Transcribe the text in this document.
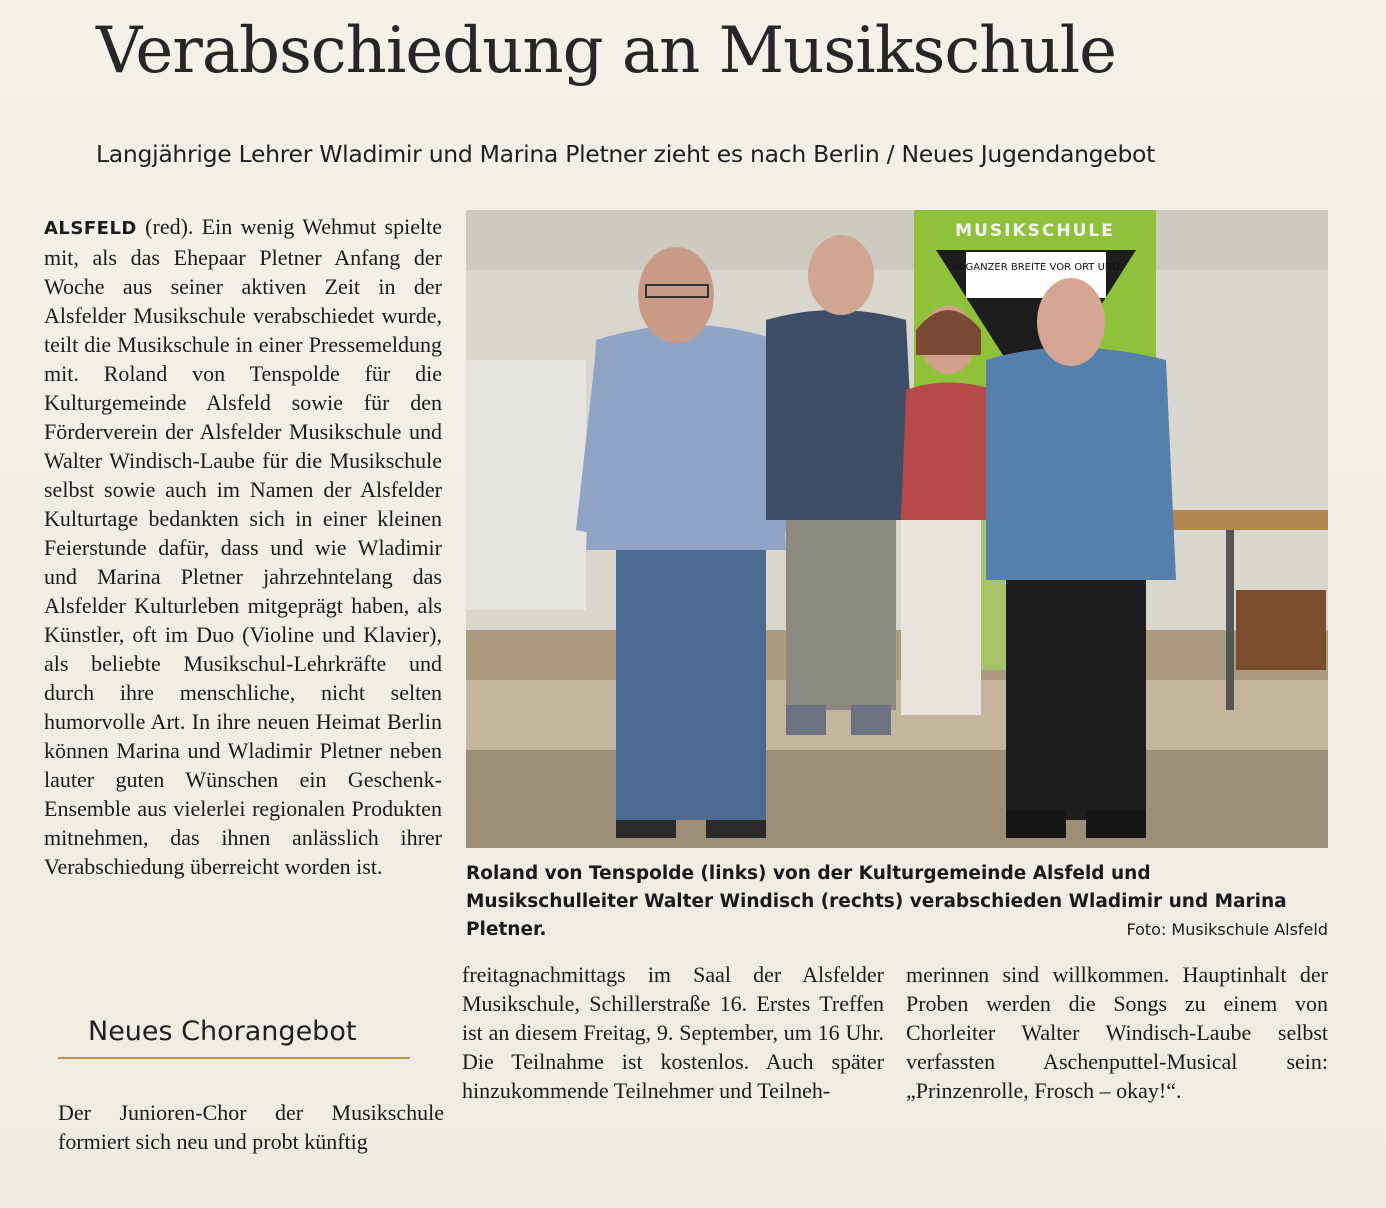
Verabschiedung an Musikschule
Langjährige Lehrer Wladimir und Marina Pletner zieht es nach Berlin / Neues Jugendangebot

ALSFELD (red). Ein wenig Wehmut spielte mit, als das Ehepaar Pletner Anfang der Woche aus seiner aktiven Zeit in der Alsfelder Musikschule verabschiedet wurde, teilt die Musikschule in einer Pressemeldung mit. Roland von Tenspolde für die Kulturgemeinde Alsfeld sowie für den Förderverein der Alsfelder Musikschule und Walter Windisch-Laube für die Musikschule selbst sowie auch im Namen der Alsfelder Kulturtage bedankten sich in einer kleinen Feierstunde dafür, dass und wie Wladimir und Marina Pletner jahrzehntelang das Alsfelder Kulturleben mitgeprägt haben, als Künstler, oft im Duo (Violine und Klavier), als beliebte Musikschul-Lehrkräfte und durch ihre menschliche, nicht selten humorvolle Art. In ihre neuen Heimat Berlin können Marina und Wladimir Pletner neben lauter guten Wünschen ein Geschenk-Ensemble aus vielerlei regionalen Produkten mitnehmen, das ihnen anlässlich ihrer Verabschiedung überreicht worden ist.

MUSIKSCHULE
IN GANZER BREITE VOR ORT UND
Roland von Tenspolde (links) von der Kulturgemeinde Alsfeld und Musikschulleiter Walter Windisch (rechts) verabschieden Wladimir und Marina Pletner.	Foto: Musikschule Alsfeld
Neues Chorangebot

Der Junioren-Chor der Musikschule formiert sich neu und probt künftig

freitagnachmittags im Saal der Alsfelder Musikschule, Schillerstraße 16. Erstes Treffen ist an diesem Freitag, 9. September, um 16 Uhr. Die Teilnahme ist kostenlos. Auch später hinzukommende Teilnehmer und Teilneh-

merinnen sind willkommen. Hauptinhalt der Proben werden die Songs zu einem von Chorleiter Walter Windisch-Laube selbst verfassten Aschenputtel-Musical sein: „Prinzenrolle, Frosch – okay!“.
